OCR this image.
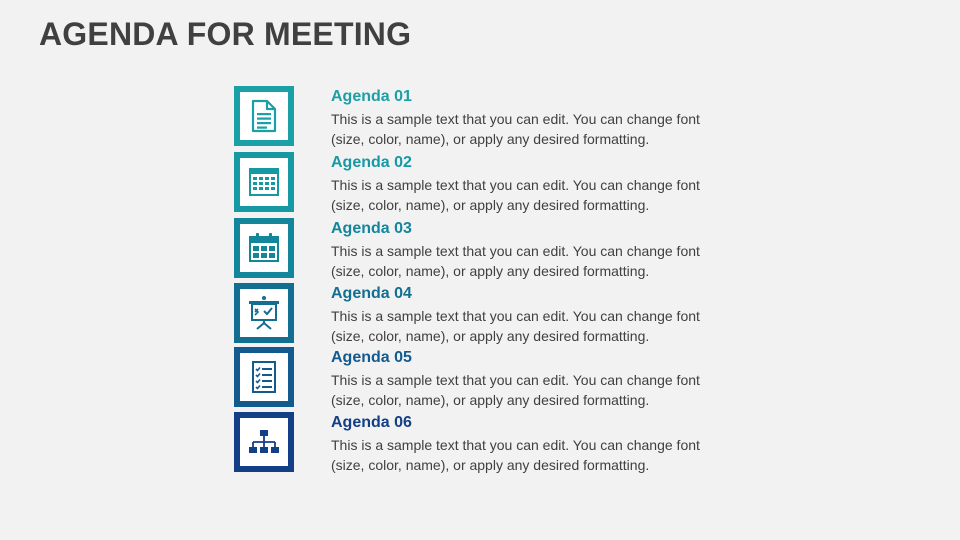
AGENDA FOR MEETING
Agenda 01
This is a sample text that you can edit. You can change font (size, color, name), or apply any desired formatting.
Agenda 02
This is a sample text that you can edit. You can change font (size, color, name), or apply any desired formatting.
Agenda 03
This is a sample text that you can edit. You can change font (size, color, name), or apply any desired formatting.
Agenda 04
This is a sample text that you can edit. You can change font (size, color, name), or apply any desired formatting.
Agenda 05
This is a sample text that you can edit. You can change font (size, color, name), or apply any desired formatting.
Agenda 06
This is a sample text that you can edit. You can change font (size, color, name), or apply any desired formatting.
